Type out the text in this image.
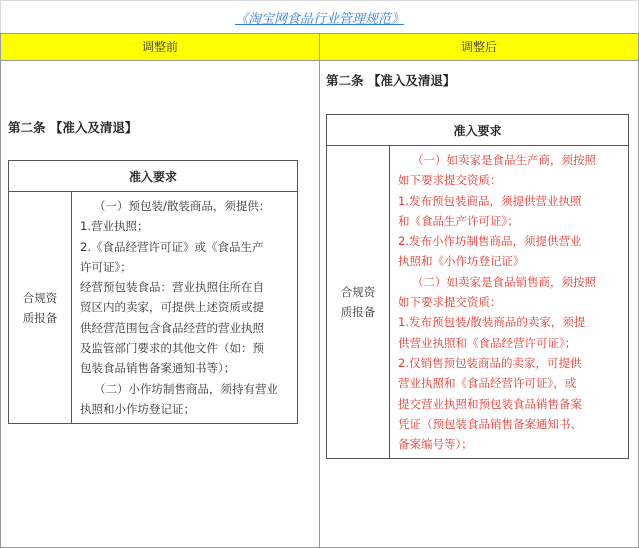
《淘宝网食品行业管理规范》
调整前	调整后
第二条 【准入及清退】
准入要求

合规资
质报备

（一）预包装/散装商品，须提供：
1.营业执照；
2.《食品经营许可证》或《食品生产
许可证》；
经营预包装食品：营业执照住所在自
贸区内的卖家，可提供上述资质或提
供经营范围包含食品经营的营业执照
及监管部门要求的其他文件（如：预
包装食品销售备案通知书等）；
（二）小作坊制售商品，须持有营业
执照和小作坊登记证；
第二条 【准入及清退】
准入要求

合规资
质报备

（一）如卖家是食品生产商，须按照
如下要求提交资质：
1.发布预包装商品，须提供营业执照
和《食品生产许可证》；
2.发布小作坊制售商品，须提供营业
执照和《小作坊登记证》
（二）如卖家是食品销售商，须按照
如下要求提交资质：
1.发布预包装/散装商品的卖家，须提
供营业执照和《食品经营许可证》；
2.仅销售预包装商品的卖家，可提供
营业执照和《食品经营许可证》，或
提交营业执照和预包装食品销售备案
凭证（预包装食品销售备案通知书、
备案编号等）；
